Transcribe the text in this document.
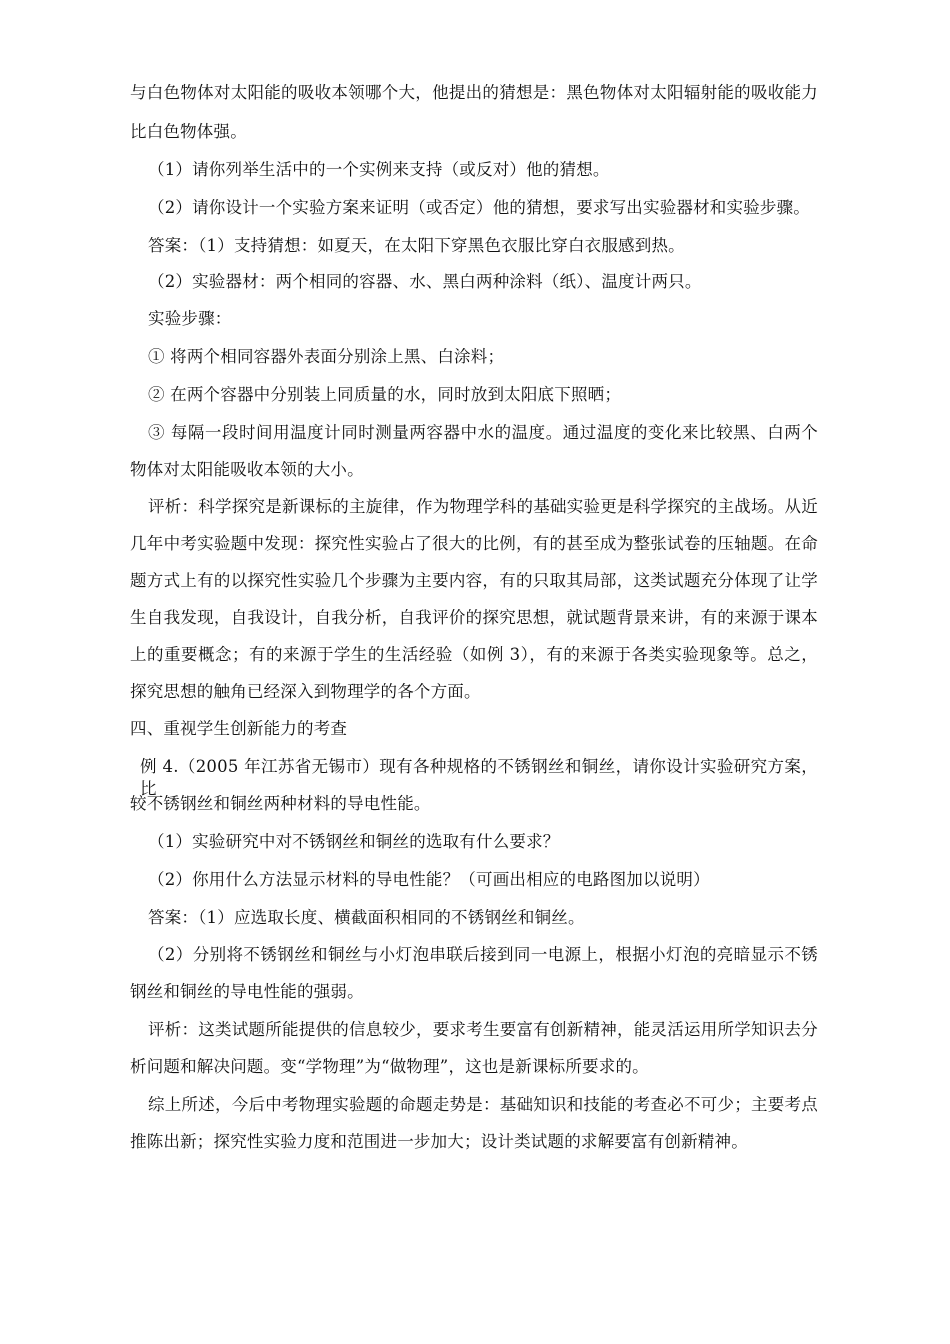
与白色物体对太阳能的吸收本领哪个大，他提出的猜想是：黑色物体对太阳辐射能的吸收能力
比白色物体强。
（1）请你列举生活中的一个实例来支持（或反对）他的猜想。
（2）请你设计一个实验方案来证明（或否定）他的猜想，要求写出实验器材和实验步骤。
答案：（1）支持猜想：如夏天，在太阳下穿黑色衣服比穿白衣服感到热。
（2）实验器材：两个相同的容器、水、黑白两种涂料（纸）、温度计两只。
实验步骤：
① 将两个相同容器外表面分别涂上黑、白涂料；
② 在两个容器中分别装上同质量的水，同时放到太阳底下照晒；
③ 每隔一段时间用温度计同时测量两容器中水的温度。通过温度的变化来比较黑、白两个
物体对太阳能吸收本领的大小。
评析：科学探究是新课标的主旋律，作为物理学科的基础实验更是科学探究的主战场。从近
几年中考实验题中发现：探究性实验占了很大的比例，有的甚至成为整张试卷的压轴题。在命
题方式上有的以探究性实验几个步骤为主要内容，有的只取其局部，这类试题充分体现了让学
生自我发现，自我设计，自我分析，自我评价的探究思想，就试题背景来讲，有的来源于课本
上的重要概念；有的来源于学生的生活经验（如例 3），有的来源于各类实验现象等。总之，
探究思想的触角已经深入到物理学的各个方面。
四、重视学生创新能力的考查
例 4.（2005 年江苏省无锡市）现有各种规格的不锈钢丝和铜丝，请你设计实验研究方案，比
较不锈钢丝和铜丝两种材料的导电性能。
（1）实验研究中对不锈钢丝和铜丝的选取有什么要求？
（2）你用什么方法显示材料的导电性能？（可画出相应的电路图加以说明）
答案：（1）应选取长度、横截面积相同的不锈钢丝和铜丝。
（2）分别将不锈钢丝和铜丝与小灯泡串联后接到同一电源上，根据小灯泡的亮暗显示不锈
钢丝和铜丝的导电性能的强弱。
评析：这类试题所能提供的信息较少，要求考生要富有创新精神，能灵活运用所学知识去分
析问题和解决问题。变“学物理”为“做物理”，这也是新课标所要求的。
综上所述，今后中考物理实验题的命题走势是：基础知识和技能的考查必不可少；主要考点
推陈出新；探究性实验力度和范围进一步加大；设计类试题的求解要富有创新精神。
